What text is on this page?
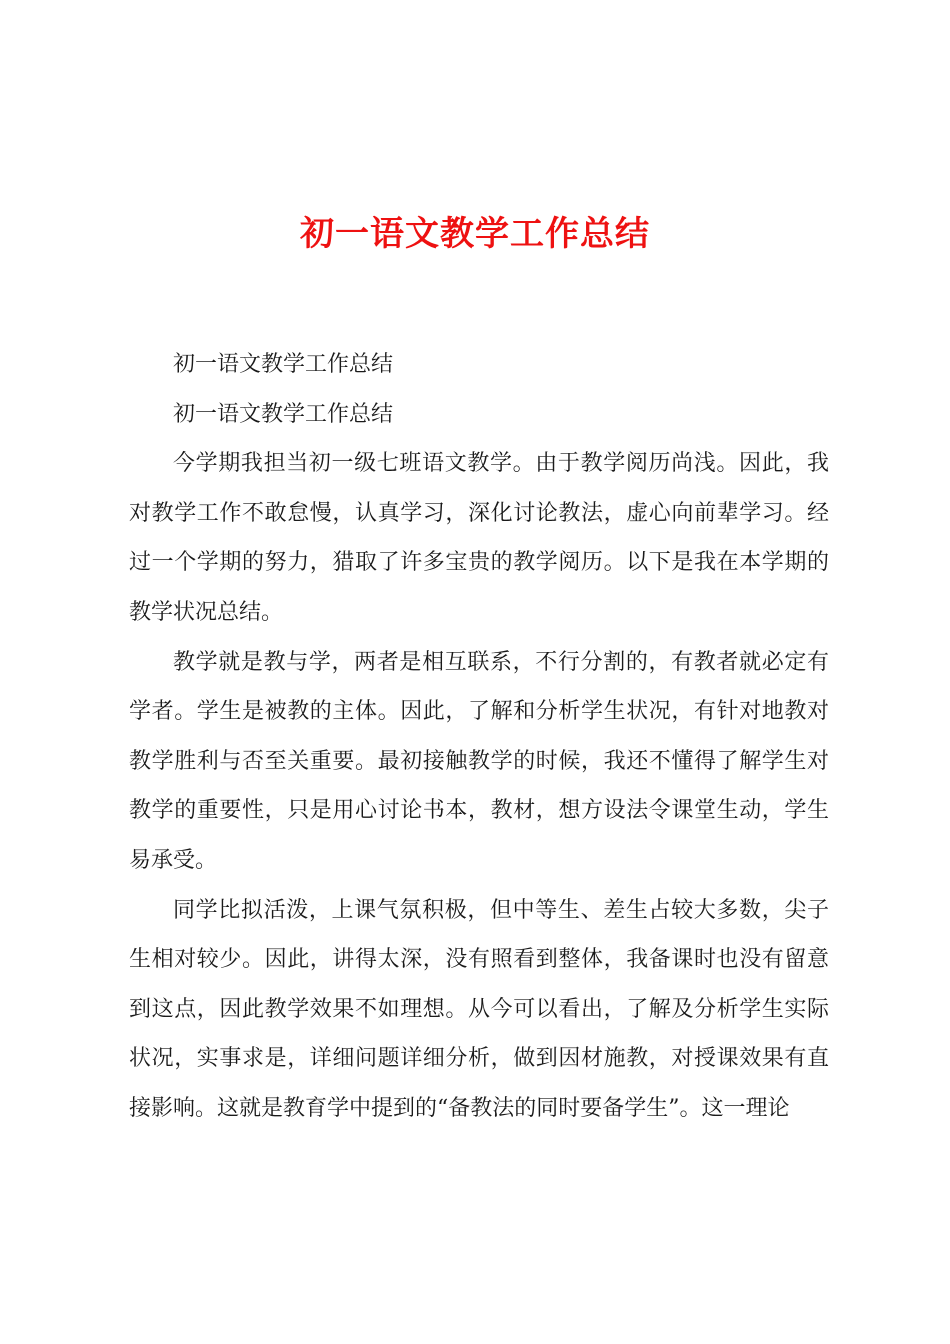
初一语文教学工作总结

初一语文教学工作总结

初一语文教学工作总结

今学期我担当初一级七班语文教学。由于教学阅历尚浅。因此，我对教学工作不敢怠慢，认真学习，深化讨论教法，虚心向前辈学习。经过一个学期的努力，猎取了许多宝贵的教学阅历。以下是我在本学期的教学状况总结。

教学就是教与学，两者是相互联系，不行分割的，有教者就必定有学者。学生是被教的主体。因此，了解和分析学生状况，有针对地教对教学胜利与否至关重要。最初接触教学的时候，我还不懂得了解学生对教学的重要性，只是用心讨论书本，教材，想方设法令课堂生动，学生易承受。

同学比拟活泼，上课气氛积极，但中等生、差生占较大多数，尖子生相对较少。因此，讲得太深，没有照看到整体，我备课时也没有留意到这点，因此教学效果不如理想。从今可以看出，了解及分析学生实际状况，实事求是，详细问题详细分析，做到因材施教，对授课效果有直接影响。这就是教育学中提到的“备教法的同时要备学生”。这一理论
